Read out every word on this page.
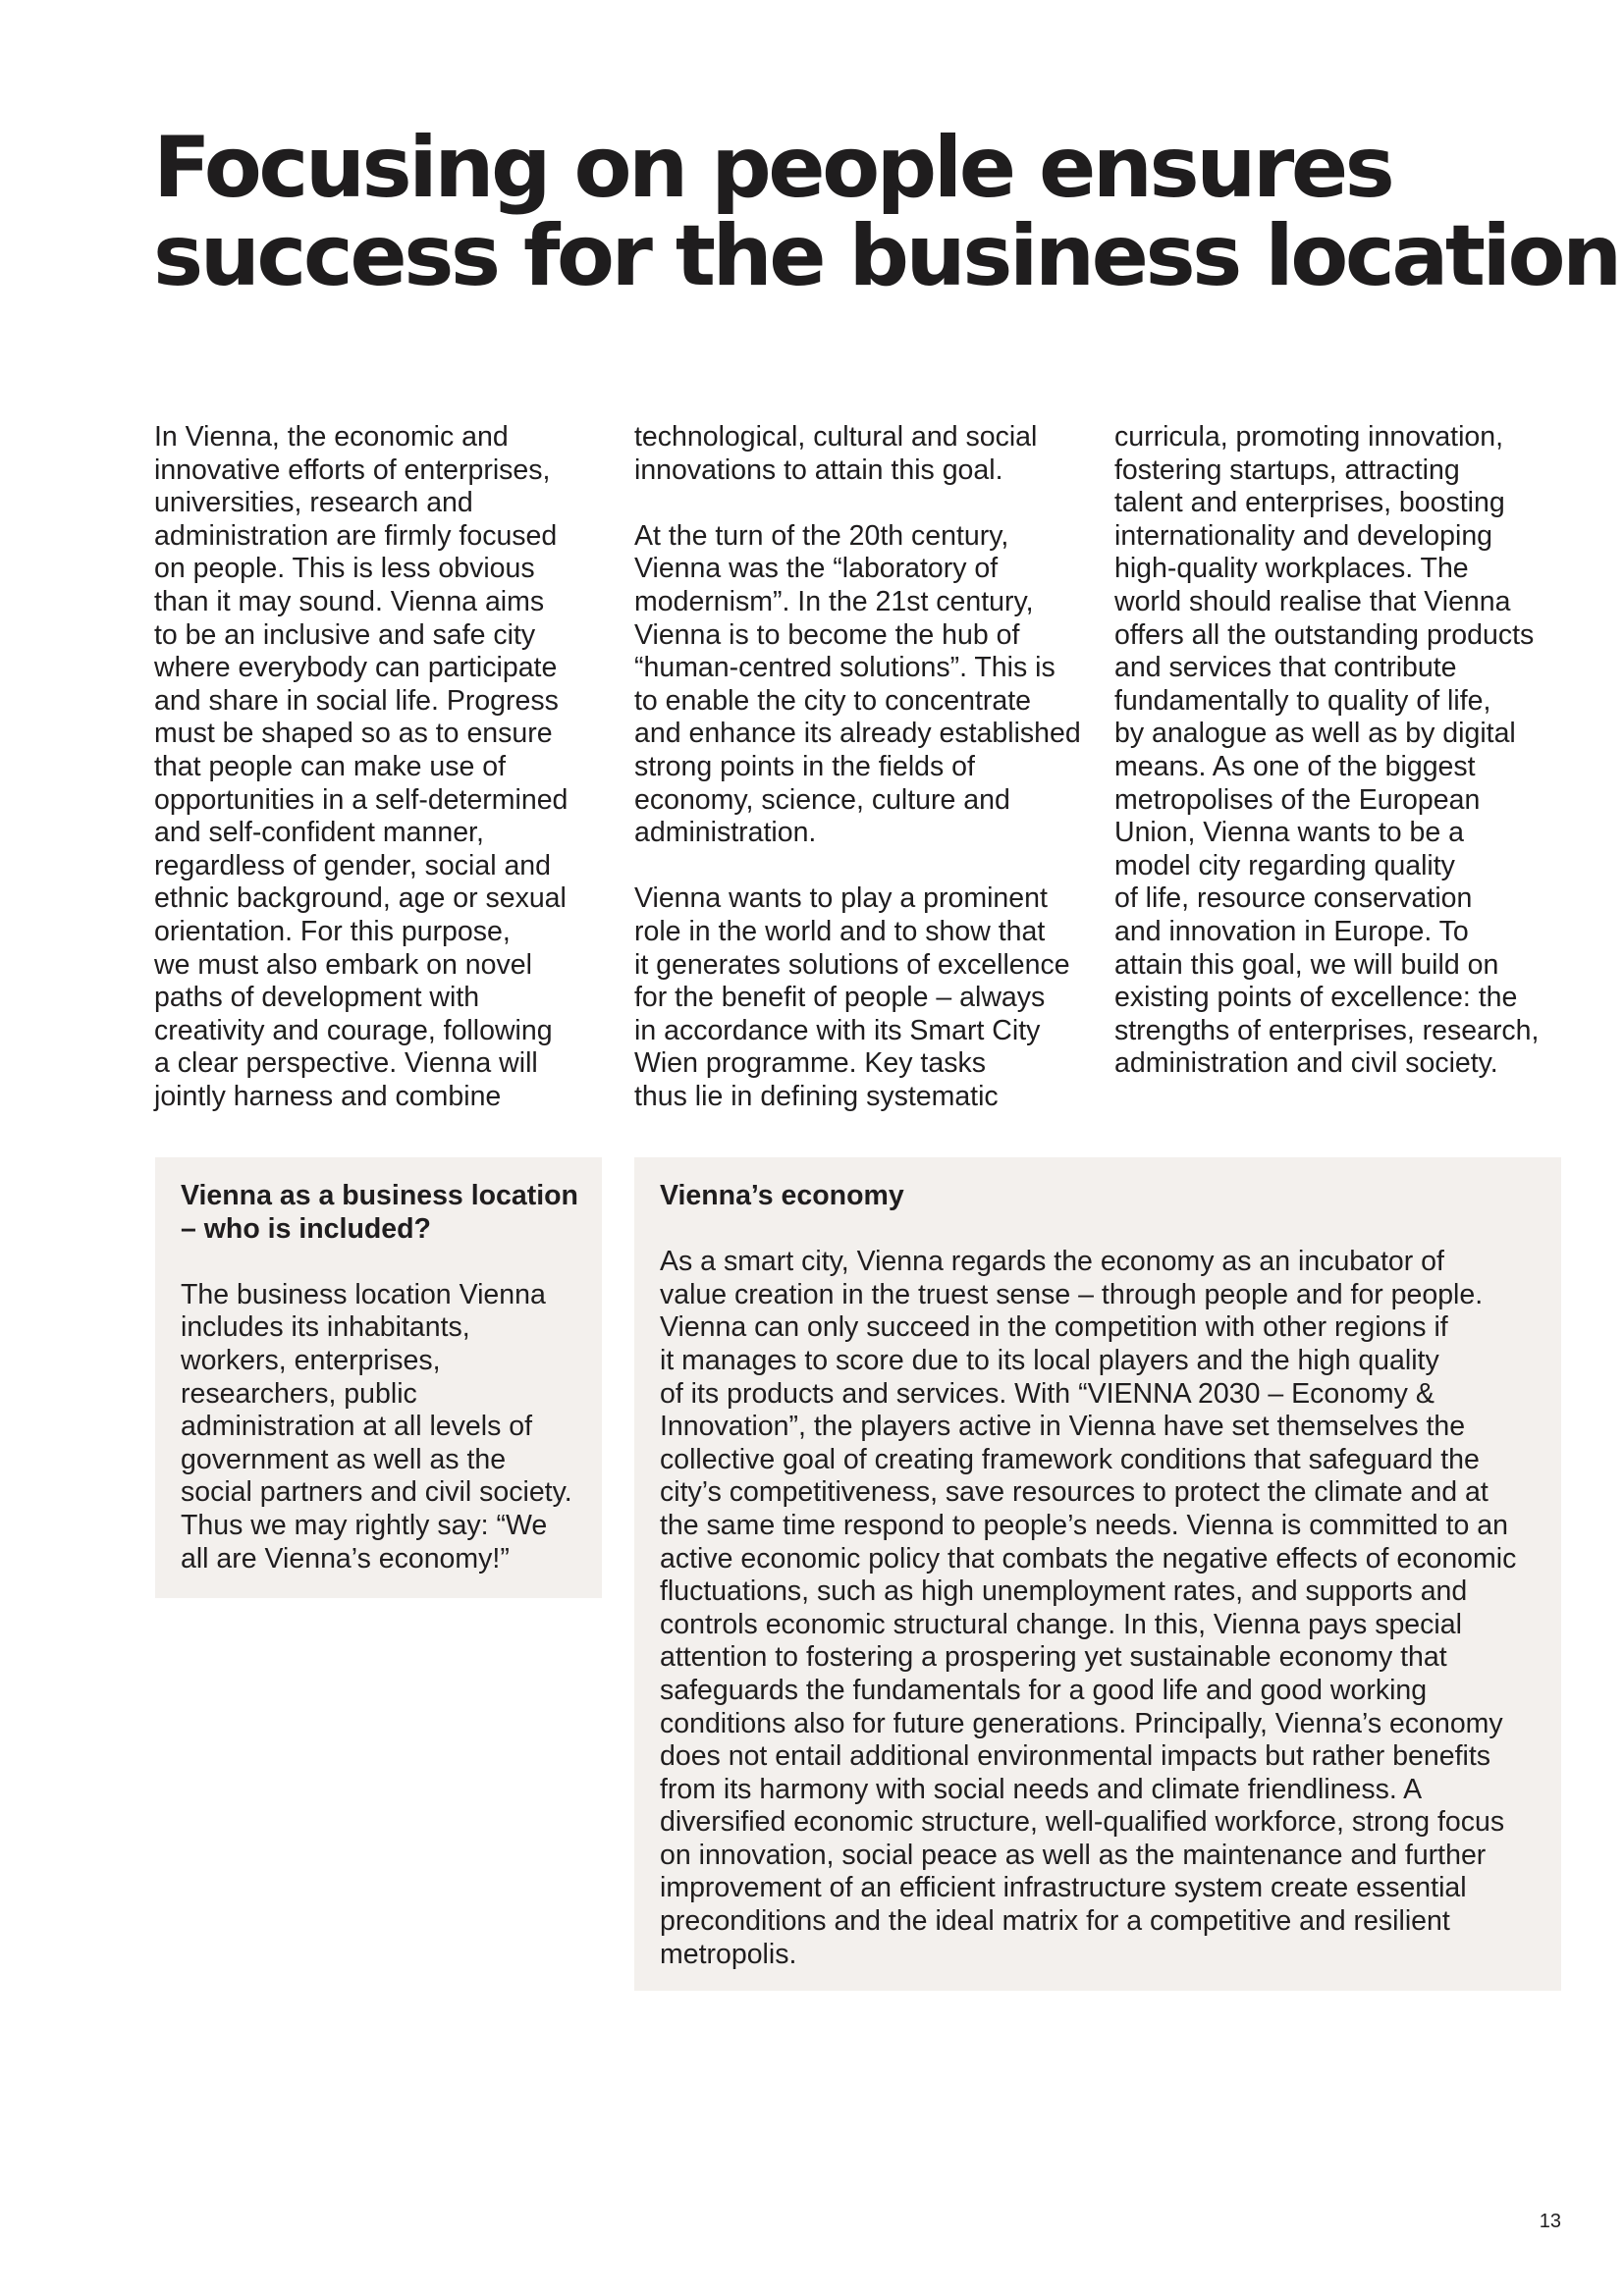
Focusing on people ensures
success for the business location
In Vienna, the economic and
innovative efforts of enterprises,
universities, research and
administration are firmly focused
on people. This is less obvious
than it may sound. Vienna aims
to be an inclusive and safe city
where everybody can participate
and share in social life. Progress
must be shaped so as to ensure
that people can make use of
opportunities in a self-determined
and self-confident manner,
regardless of gender, social and
ethnic background, age or sexual
orientation. For this purpose,
we must also embark on novel
paths of development with
creativity and courage, following
a clear perspective. Vienna will
jointly harness and combine
technological, cultural and social
innovations to attain this goal.
At the turn of the 20th century,
Vienna was the “laboratory of
modernism”. In the 21st century,
Vienna is to become the hub of
“human-centred solutions”. This is
to enable the city to concentrate
and enhance its already established
strong points in the fields of
economy, science, culture and
administration.
Vienna wants to play a prominent
role in the world and to show that
it generates solutions of excellence
for the benefit of people – always
in accordance with its Smart City
Wien programme. Key tasks
thus lie in defining systematic
curricula, promoting innovation,
fostering startups, attracting
talent and enterprises, boosting
internationality and developing
high-quality workplaces. The
world should realise that Vienna
offers all the outstanding products
and services that contribute
fundamentally to quality of life,
by analogue as well as by digital
means. As one of the biggest
metropolises of the European
Union, Vienna wants to be a
model city regarding quality
of life, resource conservation
and innovation in Europe. To
attain this goal, we will build on
existing points of excellence: the
strengths of enterprises, research,
administration and civil society.
Vienna as a business location
– who is included?
The business location Vienna
includes its inhabitants,
workers, enterprises,
researchers, public
administration at all levels of
government as well as the
social partners and civil society.
Thus we may rightly say: “We
all are Vienna’s economy!”
Vienna’s economy
As a smart city, Vienna regards the economy as an incubator of
value creation in the truest sense – through people and for people.
Vienna can only succeed in the competition with other regions if
it manages to score due to its local players and the high quality
of its products and services. With “VIENNA 2030 – Economy &
Innovation”, the players active in Vienna have set themselves the
collective goal of creating framework conditions that safeguard the
city’s competitiveness, save resources to protect the climate and at
the same time respond to people’s needs. Vienna is committed to an
active economic policy that combats the negative effects of economic
fluctuations, such as high unemployment rates, and supports and
controls economic structural change. In this, Vienna pays special
attention to fostering a prospering yet sustainable economy that
safeguards the fundamentals for a good life and good working
conditions also for future generations. Principally, Vienna’s economy
does not entail additional environmental impacts but rather benefits
from its harmony with social needs and climate friendliness. A
diversified economic structure, well-qualified workforce, strong focus
on innovation, social peace as well as the maintenance and further
improvement of an efficient infrastructure system create essential
preconditions and the ideal matrix for a competitive and resilient
metropolis.
13
